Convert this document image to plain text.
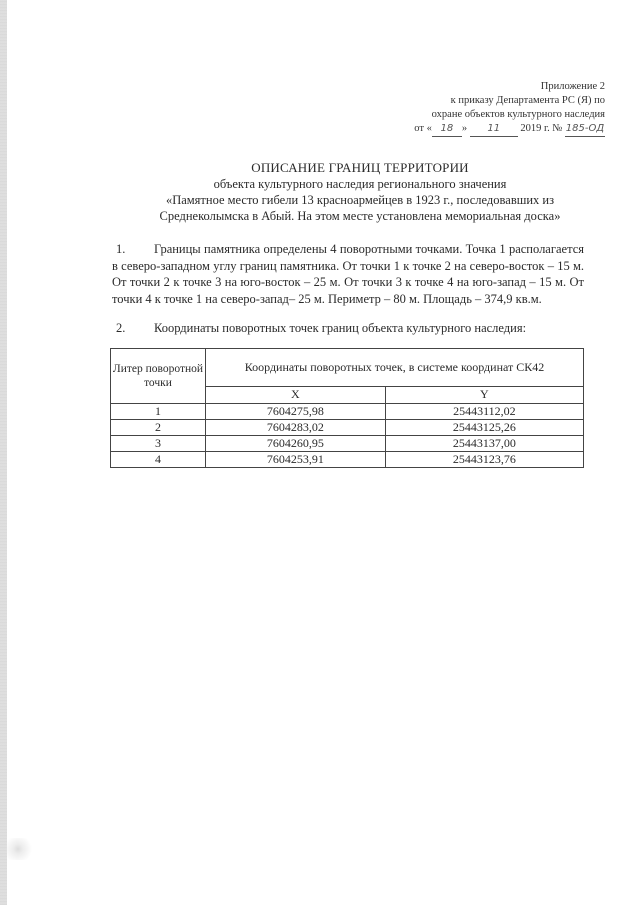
Приложение 2
к приказу Департамента РС (Я) по
охране объектов культурного наследия
от « 18 » 11 2019 г. № 185-ОД
ОПИСАНИЕ ГРАНИЦ ТЕРРИТОРИИ
объекта культурного наследия регионального значения
«Памятное место гибели 13 красноармейцев в 1923 г., последовавших из
Среднеколымска в Абый. На этом месте установлена мемориальная доска»
1. Границы памятника определены 4 поворотными точками. Точка 1 располагается в северо-западном углу границ памятника. От точки 1 к точке 2 на северо-восток – 15 м. От точки 2 к точке 3 на юго-восток – 25 м. От точки 3 к точке 4 на юго-запад – 15 м. От точки 4 к точке 1 на северо-запад– 25 м. Периметр – 80 м. Площадь – 374,9 кв.м.
2. Координаты поворотных точек границ объекта культурного наследия:
Литер поворотной точки	Координаты поворотных точек, в системе координат СК42	
	X	Y
1	7604275,98	25443112,02
2	7604283,02	25443125,26
3	7604260,95	25443137,00
4	7604253,91	25443123,76
